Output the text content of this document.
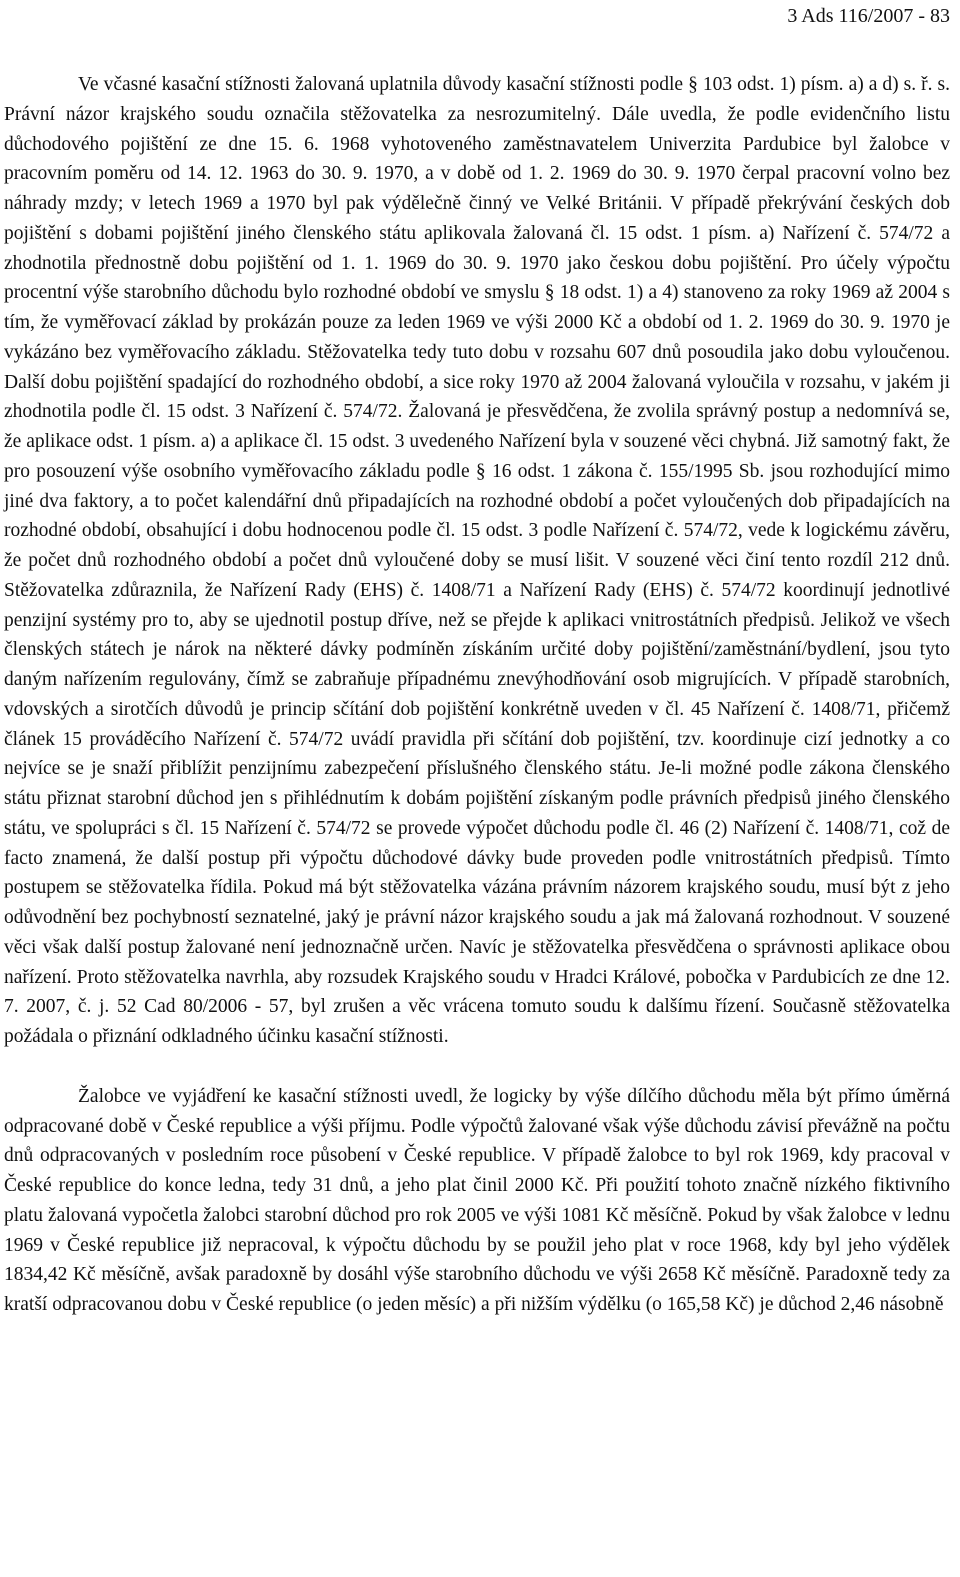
3 Ads 116/2007 - 83

Ve včasné kasační stížnosti žalovaná uplatnila důvody kasační stížnosti podle § 103 odst. 1) písm. a) a d) s. ř. s. Právní názor krajského soudu označila stěžovatelka za nesrozumitelný. Dále uvedla, že podle evidenčního listu důchodového pojištění ze dne 15. 6. 1968 vyhotoveného zaměstnavatelem Univerzita Pardubice byl žalobce v pracovním poměru od 14. 12. 1963 do 30. 9. 1970, a v době od 1. 2. 1969 do 30. 9. 1970 čerpal pracovní volno bez náhrady mzdy; v letech 1969 a 1970 byl pak výdělečně činný ve Velké Británii. V případě překrývání českých dob pojištění s dobami pojištění jiného členského státu aplikovala žalovaná čl. 15 odst. 1 písm. a) Nařízení č. 574/72 a zhodnotila přednostně dobu pojištění od 1. 1. 1969 do 30. 9. 1970 jako českou dobu pojištění. Pro účely výpočtu procentní výše starobního důchodu bylo rozhodné období ve smyslu § 18 odst. 1) a 4) stanoveno za roky 1969 až 2004 s tím, že vyměřovací základ by prokázán pouze za leden 1969 ve výši 2000 Kč a období od 1. 2. 1969 do 30. 9. 1970 je vykázáno bez vyměřovacího základu. Stěžovatelka tedy tuto dobu v rozsahu 607 dnů posoudila jako dobu vyloučenou. Další dobu pojištění spadající do rozhodného období, a sice roky 1970 až 2004 žalovaná vyloučila v rozsahu, v jakém ji zhodnotila podle čl. 15 odst. 3 Nařízení č. 574/72. Žalovaná je přesvědčena, že zvolila správný postup a nedomnívá se, že aplikace odst. 1 písm. a) a aplikace čl. 15 odst. 3 uvedeného Nařízení byla v souzené věci chybná. Již samotný fakt, že pro posouzení výše osobního vyměřovacího základu podle § 16 odst. 1 zákona č. 155/1995 Sb. jsou rozhodující mimo jiné dva faktory, a to počet kalendářní dnů připadajících na rozhodné období a počet vyloučených dob připadajících na rozhodné období, obsahující i dobu hodnocenou podle čl. 15 odst. 3 podle Nařízení č. 574/72, vede k logickému závěru, že počet dnů rozhodného období a počet dnů vyloučené doby se musí lišit. V souzené věci činí tento rozdíl 212 dnů. Stěžovatelka zdůraznila, že Nařízení Rady (EHS) č. 1408/71 a Nařízení Rady (EHS) č. 574/72 koordinují jednotlivé penzijní systémy pro to, aby se ujednotil postup dříve, než se přejde k aplikaci vnitrostátních předpisů. Jelikož ve všech členských státech je nárok na některé dávky podmíněn získáním určité doby pojištění/zaměstnání/bydlení, jsou tyto daným nařízením regulovány, čímž se zabraňuje případnému znevýhodňování osob migrujících. V případě starobních, vdovských a sirotčích důvodů je princip sčítání dob pojištění konkrétně uveden v čl. 45 Nařízení č. 1408/71, přičemž článek 15 prováděcího Nařízení č. 574/72 uvádí pravidla při sčítání dob pojištění, tzv. koordinuje cizí jednotky a co nejvíce se je snaží přiblížit penzijnímu zabezpečení příslušného členského státu. Je-li možné podle zákona členského státu přiznat starobní důchod jen s přihlédnutím k dobám pojištění získaným podle právních předpisů jiného členského státu, ve spolupráci s čl. 15 Nařízení č. 574/72 se provede výpočet důchodu podle čl. 46 (2) Nařízení č. 1408/71, což de facto znamená, že další postup při výpočtu důchodové dávky bude proveden podle vnitrostátních předpisů. Tímto postupem se stěžovatelka řídila. Pokud má být stěžovatelka vázána právním názorem krajského soudu, musí být z jeho odůvodnění bez pochybností seznatelné, jaký je právní názor krajského soudu a jak má žalovaná rozhodnout. V souzené věci však další postup žalované není jednoznačně určen. Navíc je stěžovatelka přesvědčena o správnosti aplikace obou nařízení. Proto stěžovatelka navrhla, aby rozsudek Krajského soudu v Hradci Králové, pobočka v Pardubicích ze dne 12. 7. 2007, č. j. 52 Cad 80/2006 - 57, byl zrušen a věc vrácena tomuto soudu k dalšímu řízení. Současně stěžovatelka požádala o přiznání odkladného účinku kasační stížnosti.

Žalobce ve vyjádření ke kasační stížnosti uvedl, že logicky by výše dílčího důchodu měla být přímo úměrná odpracované době v České republice a výši příjmu. Podle výpočtů žalované však výše důchodu závisí převážně na počtu dnů odpracovaných v posledním roce působení v České republice. V případě žalobce to byl rok 1969, kdy pracoval v České republice do konce ledna, tedy 31 dnů, a jeho plat činil 2000 Kč. Při použití tohoto značně nízkého fiktivního platu žalovaná vypočetla žalobci starobní důchod pro rok 2005 ve výši 1081 Kč měsíčně. Pokud by však žalobce v lednu 1969 v České republice již nepracoval, k výpočtu důchodu by se použil jeho plat v roce 1968, kdy byl jeho výdělek 1834,42 Kč měsíčně, avšak paradoxně by dosáhl výše starobního důchodu ve výši 2658 Kč měsíčně. Paradoxně tedy za kratší odpracovanou dobu v České republice (o jeden měsíc) a při nižším výdělku (o 165,58 Kč) je důchod 2,46 násobně
